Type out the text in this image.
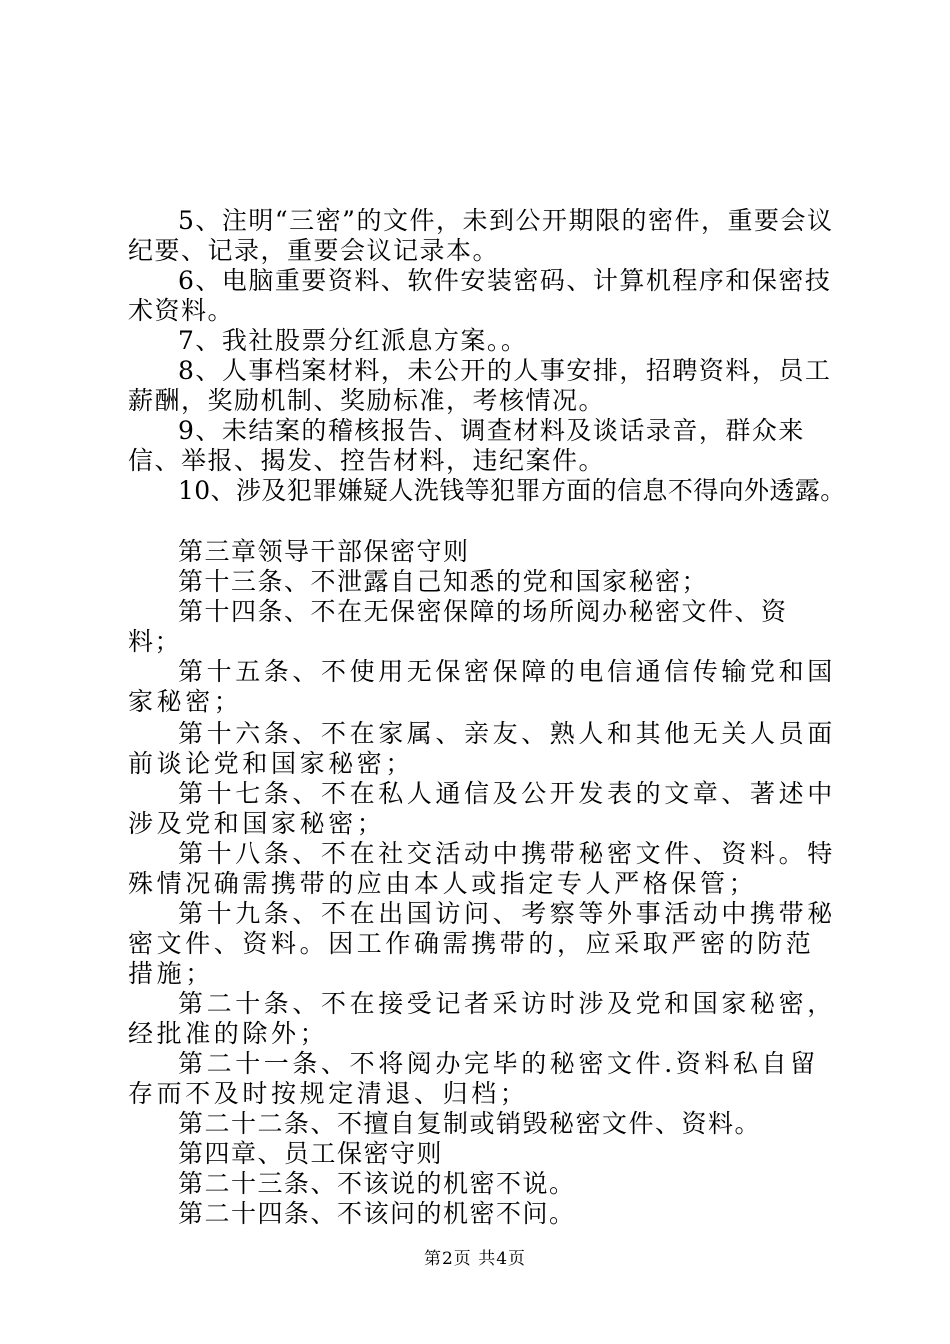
5、注明“三密”的文件，未到公开期限的密件，重要会议纪要、记录，重要会议记录本。

6、电脑重要资料、软件安装密码、计算机程序和保密技术资料。

7、我社股票分红派息方案。。

8、人事档案材料，未公开的人事安排，招聘资料，员工薪酬，奖励机制、奖励标准，考核情况。

9、未结案的稽核报告、调查材料及谈话录音，群众来信、举报、揭发、控告材料，违纪案件。

10、涉及犯罪嫌疑人洗钱等犯罪方面的信息不得向外透露。

第三章领导干部保密守则

第十三条、不泄露自己知悉的党和国家秘密；

第十四条、不在无保密保障的场所阅办秘密文件、资料；

第十五条、不使用无保密保障的电信通信传输党和国家秘密；

第十六条、不在家属、亲友、熟人和其他无关人员面前谈论党和国家秘密；

第十七条、不在私人通信及公开发表的文章、著述中涉及党和国家秘密；

第十八条、不在社交活动中携带秘密文件、资料。特殊情况确需携带的应由本人或指定专人严格保管；

第十九条、不在出国访问、考察等外事活动中携带秘密文件、资料。因工作确需携带的，应采取严密的防范措施；

第二十条、不在接受记者采访时涉及党和国家秘密，经批准的除外；

第二十一条、不将阅办完毕的秘密文件.资料私自留存而不及时按规定清退、归档；

第二十二条、不擅自复制或销毁秘密文件、资料。

第四章、员工保密守则

第二十三条、不该说的机密不说。

第二十四条、不该问的机密不问。

第2页 共4页
